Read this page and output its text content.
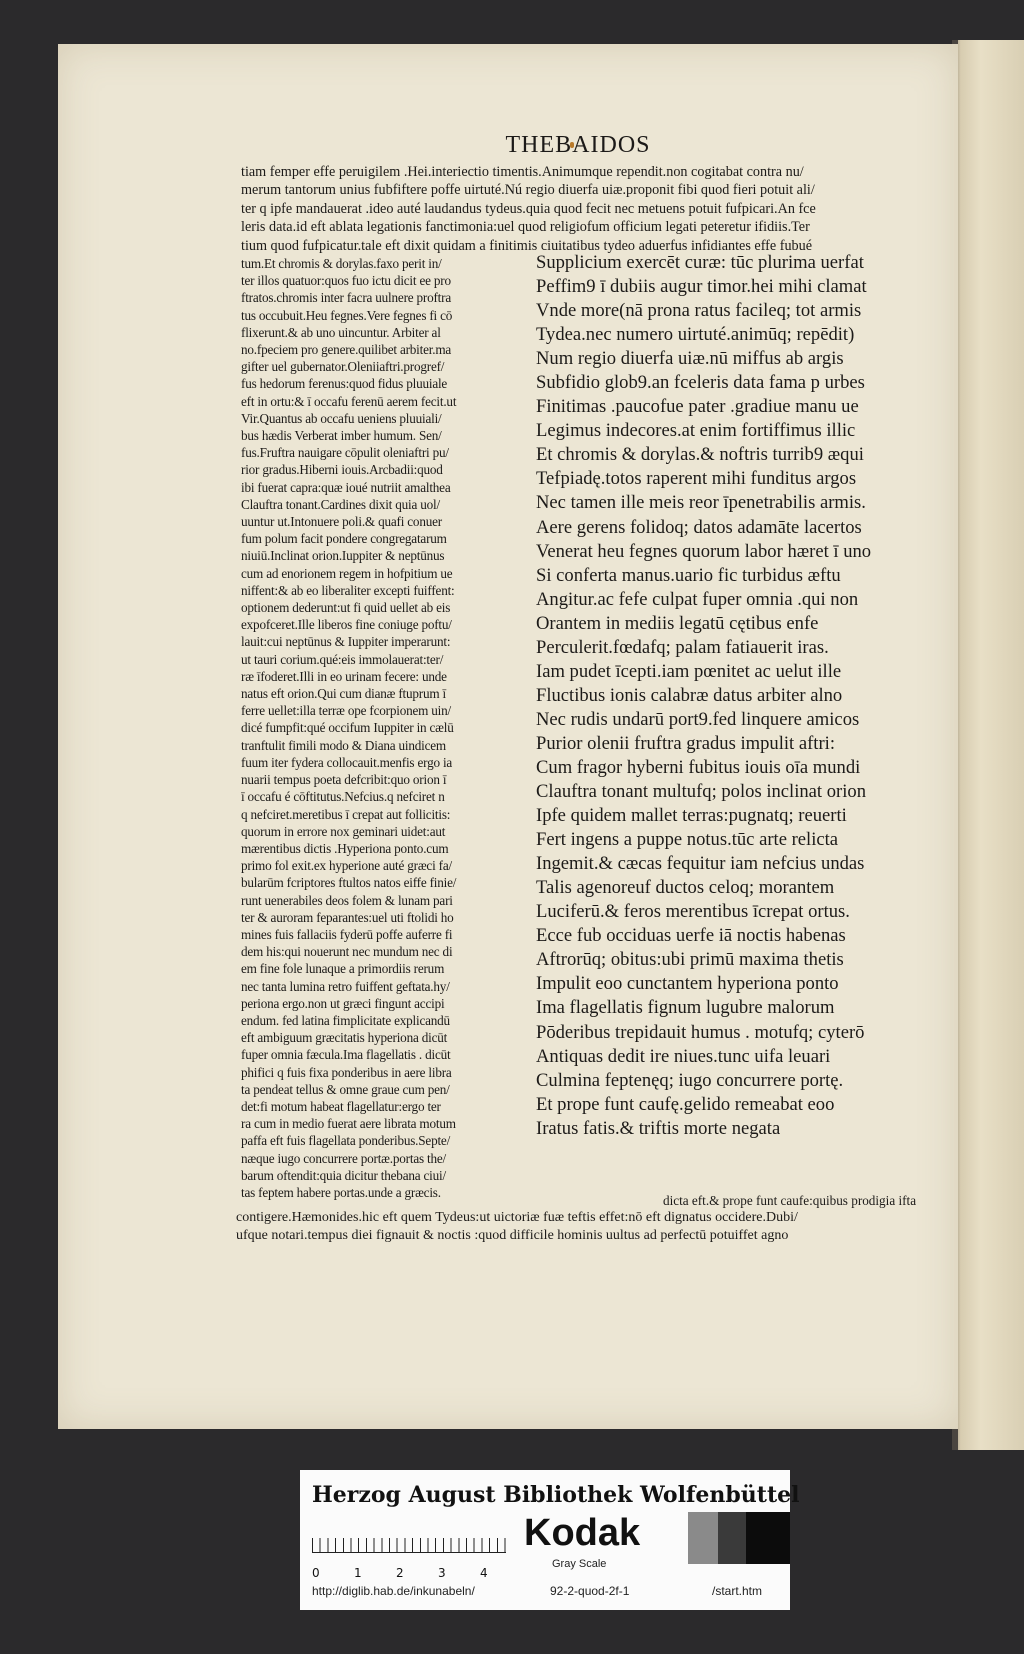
THEBAIDOS

tiam femper effe peruigilem .Hei.interiectio timentis.Animumque rependit.non cogitabat contra nu/

merum tantorum unius fubfiftere poffe uirtuté.Nú regio diuerfa uiæ.proponit fibi quod fieri potuit ali/

ter q ipfe mandauerat .ideo auté laudandus tydeus.quia quod fecit nec metuens potuit fufpicari.An fce

leris data.id eft ablata legationis fanctimonia:uel quod religiofum officium legati peteretur ifidiis.Ter

tium quod fufpicatur.tale eft dixit quidam a finitimis ciuitatibus tydeo aduerfus infidiantes effe fubué

tum.Et chromis & dorylas.faxo perit in/

ter illos quatuor:quos fuo ictu dicit ee pro

ftratos.chromis inter facra uulnere proftra

tus occubuit.Heu fegnes.Vere fegnes fi cō

flixerunt.& ab uno uincuntur. Arbiter al

no.fpeciem pro genere.quilibet arbiter.ma

gifter uel gubernator.Oleniiaftri.progref/

fus hedorum ferenus:quod fidus pluuiale

eft in ortu:& ī occafu ferenū aerem fecit.ut

Vir.Quantus ab occafu ueniens pluuiali/

bus hædis Verberat imber humum. Sen/

fus.Fruftra nauigare cōpulit oleniaftri pu/

rior gradus.Hiberni iouis.Arcbadii:quod

ibi fuerat capra:quæ ioué nutriit amalthea

Clauftra tonant.Cardines dixit quia uol/

uuntur ut.Intonuere poli.& quafi conuer

fum polum facit pondere congregatarum

niuiū.Inclinat orion.Iuppiter & neptūnus

cum ad enorionem regem in hofpitium ue

niffent:& ab eo liberaliter excepti fuiffent:

optionem dederunt:ut fi quid uellet ab eis

expofceret.Ille liberos fine coniuge poftu/

lauit:cui neptūnus & Iuppiter imperarunt:

ut tauri corium.qué:eis immolauerat:ter/

ræ īfoderet.Illi in eo urinam fecere: unde

natus eft orion.Qui cum dianæ ftuprum ī

ferre uellet:illa terræ ope fcorpionem uin/

dicé fumpfit:qué occifum Iuppiter in cælū

tranftulit fimili modo & Diana uindicem

fuum iter fydera collocauit.menfis ergo ia

nuarii tempus poeta defcribit:quo orion ī

ī occafu é cōftitutus.Nefcius.q nefciret n

q nefciret.meretibus ī crepat aut follicitis:

quorum in errore nox geminari uidet:aut

mærentibus dictis .Hyperiona ponto.cum

primo fol exit.ex hyperione auté græci fa/

bularūm fcriptores ftultos natos eiffe finie/

runt uenerabiles deos folem & lunam pari

ter & auroram feparantes:uel uti ftolidi ho

mines fuis fallaciis fyderū poffe auferre fi

dem his:qui nouerunt nec mundum nec di

em fine fole lunaque a primordiis rerum

nec tanta lumina retro fuiffent geftata.hy/

periona ergo.non ut græci fingunt accipi

endum. fed latina fimplicitate explicandū

eft ambiguum græcitatis hyperiona dicūt

fuper omnia fæcula.Ima flagellatis . dicūt

phifici q fuis fixa ponderibus in aere libra

ta pendeat tellus & omne graue cum pen/

det:fi motum habeat flagellatur:ergo ter

ra cum in medio fuerat aere librata motum

paffa eft fuis flagellata ponderibus.Septe/

næque iugo concurrere portæ.portas the/

barum oftendit:quia dicitur thebana ciui/

tas feptem habere portas.unde a græcis.

Supplicium exercēt curæ: tūc plurima uerfat

Peffim9 ī dubiis augur timor.hei mihi clamat

Vnde more(nā prona ratus facileq; tot armis

Tydea.nec numero uirtuté.animūq; repēdit)

Num regio diuerfa uiæ.nū miffus ab argis

Subfidio glob9.an fceleris data fama p urbes

Finitimas .paucofue pater .gradiue manu ue

Legimus indecores.at enim fortiffimus illic

Et chromis & dorylas.& noftris turrib9 æqui

Tefpiadę.totos raperent mihi funditus argos

Nec tamen ille meis reor īpenetrabilis armis.

Aere gerens folidoq; datos adamāte lacertos

Venerat heu fegnes quorum labor hæret ī uno

Si conferta manus.uario fic turbidus æftu

Angitur.ac fefe culpat fuper omnia .qui non

Orantem in mediis legatū cętibus enfe

Perculerit.fœdafq; palam fatiauerit iras.

Iam pudet īcepti.iam pœnitet ac uelut ille

Fluctibus ionis calabræ datus arbiter alno

Nec rudis undarū port9.fed linquere amicos

Purior olenii fruftra gradus impulit aftri:

Cum fragor hyberni fubitus iouis oīa mundi

Clauftra tonant multufq; polos inclinat orion

Ipfe quidem mallet terras:pugnatq; reuerti

Fert ingens a puppe notus.tūc arte relicta

Ingemit.& cæcas fequitur iam nefcius undas

Talis agenoreuf ductos celoq; morantem

Luciferū.& feros merentibus īcrepat ortus.

Ecce fub occiduas uerfe iā noctis habenas

Aftrorūq; obitus:ubi primū maxima thetis

Impulit eoo cunctantem hyperiona ponto

Ima flagellatis fignum lugubre malorum

Pōderibus trepidauit humus . motufq; cyterō

Antiquas dedit ire niues.tunc uifa leuari

Culmina feptenęq; iugo concurrere portę.

Et prope funt caufę.gelido remeabat eoo

Iratus fatis.& triftis morte negata

dicta eft.& prope funt caufe:quibus prodigia ifta

contigere.Hæmonides.hic eft quem Tydeus:ut uictoriæ fuæ teftis effet:nō eft dignatus occidere.Dubi/

ufque notari.tempus diei fignauit & noctis :quod difficile hominis uultus ad perfectū potuiffet agno

Herzog August Bibliothek Wolfenbüttel
0	1	2	3	4
Kodak
Gray Scale
http://diglib.hab.de/inkunabeln/	92-2-quod-2f-1	/start.htm
